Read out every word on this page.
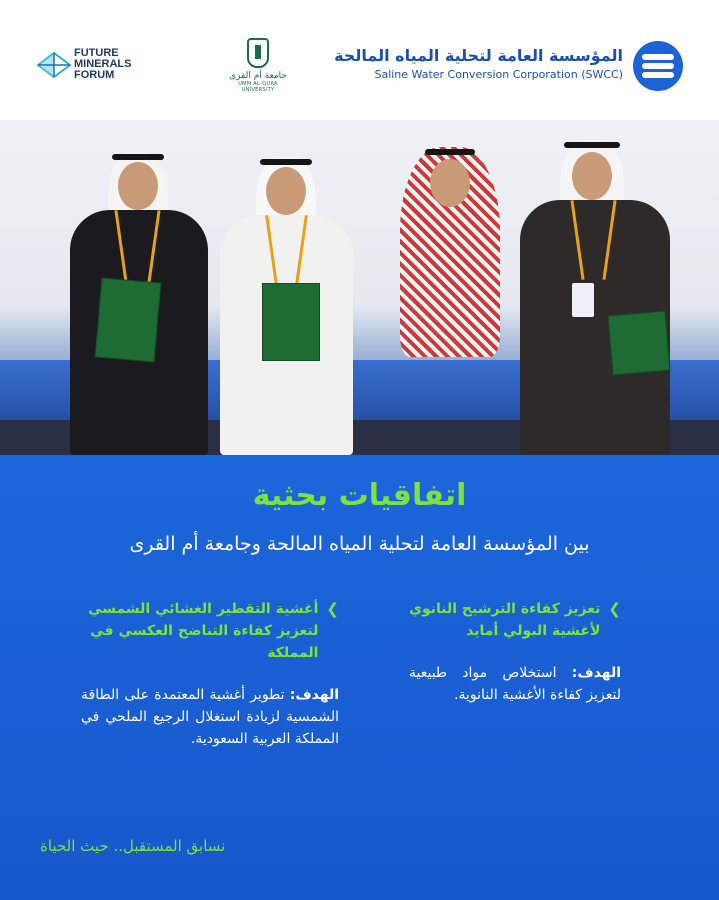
المؤسسة العامة لتحلية المياه المالحة
Saline Water Conversion Corporation (SWCC)
جامعة أم القرى
UMM AL-QURA UNIVERSITY
FUTURE
MINERALS
FORUM
اتفاقيات بحثية
بين المؤسسة العامة لتحلية المياه المالحة وجامعة أم القرى
❯
تعزيز كفاءة الترشيح النانوي لأغشية البولي أمايد

الهدف: استخلاص مواد طبيعية لتعزيز كفاءة الأغشية النانوية.

❯
أغشية التقطير الغشائي الشمسي لتعزيز كفاءة التناضح العكسي في المملكة

الهدف: تطوير أغشية المعتمدة على الطاقة الشمسية لزيادة استغلال الرجيع الملحي في المملكة العربية السعودية.

نسابق المستقبل.. حيث الحياة
